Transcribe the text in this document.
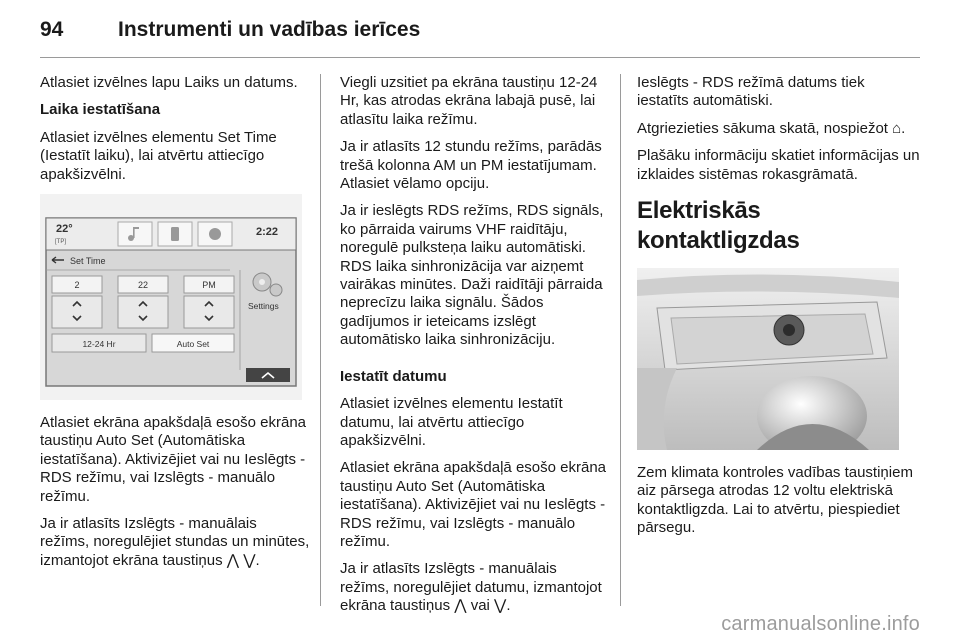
94	Instrumenti un vadības ierīces

Atlasiet izvēlnes lapu Laiks un datums.

Laika iestatīšana

Atlasiet izvēlnes elementu Set Time (Iestatīt laiku), lai atvērtu attiecīgo apakšizvēlni.

22°
[TP]
2:22
Set Time
2	22	PM
12-24 Hr	Auto Set
Settings

Atlasiet ekrāna apakšdaļā esošo ekrāna taustiņu Auto Set (Automātiska iestatīšana). Aktivizējiet vai nu Ieslēgts - RDS režīmu, vai Izslēgts - manuālo režīmu.

Ja ir atlasīts Izslēgts - manuālais režīms, noregulējiet stundas un minūtes, izmantojot ekrāna taustiņus ⋀ ⋁.

Viegli uzsitiet pa ekrāna taustiņu 12-24 Hr, kas atrodas ekrāna labajā pusē, lai atlasītu laika režīmu.

Ja ir atlasīts 12 stundu režīms, parādās trešā kolonna AM un PM iestatījumam. Atlasiet vēlamo opciju.

Ja ir ieslēgts RDS režīms, RDS signāls, ko pārraida vairums VHF raidītāju, noregulē pulksteņa laiku automātiski. RDS laika sinhronizācija var aizņemt vairākas minūtes. Daži raidītāji pārraida neprecīzu laika signālu. Šādos gadījumos ir ieteicams izslēgt automātisko laika sinhronizāciju.

Iestatīt datumu

Atlasiet izvēlnes elementu Iestatīt datumu, lai atvērtu attiecīgo apakšizvēlni.

Atlasiet ekrāna apakšdaļā esošo ekrāna taustiņu Auto Set (Automātiska iestatīšana). Aktivizējiet vai nu Ieslēgts - RDS režīmu, vai Izslēgts - manuālo režīmu.

Ja ir atlasīts Izslēgts - manuālais režīms, noregulējiet datumu, izmantojot ekrāna taustiņus ⋀ vai ⋁.

Ieslēgts - RDS režīmā datums tiek iestatīts automātiski.

Atgriezieties sākuma skatā, nospiežot ⌂.

Plašāku informāciju skatiet informācijas un izklaides sistēmas rokasgrāmatā.

Elektriskās kontaktligzdas

Zem klimata kontroles vadības taustiņiem aiz pārsega atrodas 12 voltu elektriskā kontaktligzda. Lai to atvērtu, piespiediet pārsegu.

carmanualsonline.info
